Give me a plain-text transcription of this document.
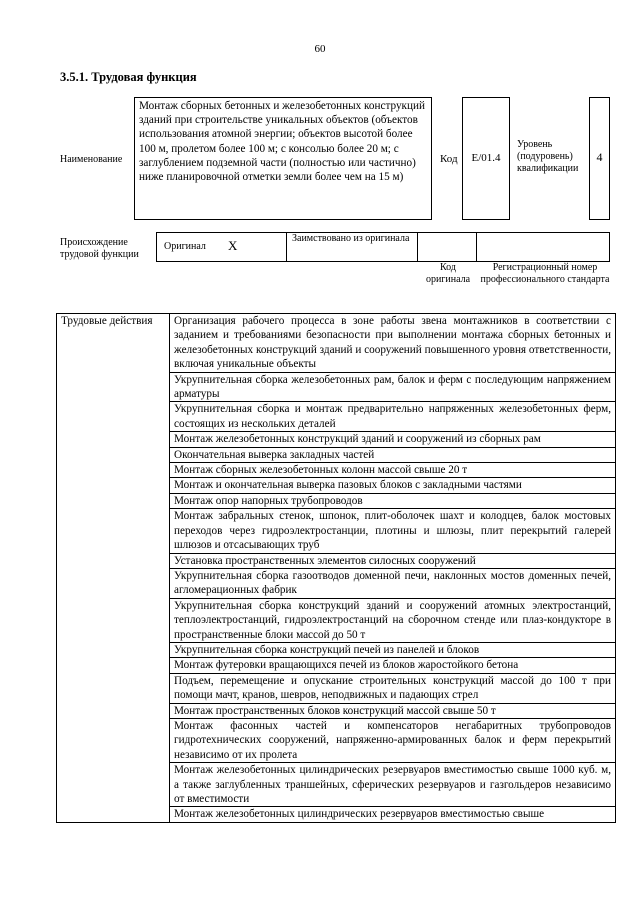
60
3.5.1. Трудовая функция
Наименование
Монтаж сборных бетонных и железобетонных конструкций зданий при строительстве уникальных объектов (объектов использования атомной энергии; объектов высотой более 100 м, пролетом более 100 м; с консолью более 20 м; с заглублением подземной части (полностью или частично) ниже планировочной отметки земли более чем на 15 м)
Код	E/01.4
Уровень (подуровень) квалификации
4
Происхождение трудовой функции
Оригинал X	Заимствовано из оригинала
Код оригинала
Регистрационный номер профессионального стандарта
Трудовые действия	Организация рабочего процесса в зоне работы звена монтажников в соответствии с заданием и требованиями безопасности при выполнении монтажа сборных бетонных и железобетонных конструкций зданий и сооружений повышенного уровня ответственности, включая уникальные объекты
Укрупнительная сборка железобетонных рам, балок и ферм с последующим напряжением арматуры
Укрупнительная сборка и монтаж предварительно напряженных железобетонных ферм, состоящих из нескольких деталей
Монтаж железобетонных конструкций зданий и сооружений из сборных рам
Окончательная выверка закладных частей
Монтаж сборных железобетонных колонн массой свыше 20 т
Монтаж и окончательная выверка пазовых блоков с закладными частями
Монтаж опор напорных трубопроводов
Монтаж забральных стенок, шпонок, плит-оболочек шахт и колодцев, балок мостовых переходов через гидроэлектростанции, плотины и шлюзы, плит перекрытий галерей шлюзов и отсасывающих труб
Установка пространственных элементов силосных сооружений
Укрупнительная сборка газоотводов доменной печи, наклонных мостов доменных печей, агломерационных фабрик
Укрупнительная сборка конструкций зданий и сооружений атомных электростанций, теплоэлектростанций, гидроэлектростанций на сборочном стенде или плаз-кондукторе в пространственные блоки массой до 50 т
Укрупнительная сборка конструкций печей из панелей и блоков
Монтаж футеровки вращающихся печей из блоков жаростойкого бетона
Подъем, перемещение и опускание строительных конструкций массой до 100 т при помощи мачт, кранов, шевров, неподвижных и падающих стрел
Монтаж пространственных блоков конструкций массой свыше 50 т
Монтаж фасонных частей и компенсаторов негабаритных трубопроводов гидротехнических сооружений, напряженно-армированных балок и ферм перекрытий независимо от их пролета
Монтаж железобетонных цилиндрических резервуаров вместимостью свыше 1000 куб. м, а также заглубленных траншейных, сферических резервуаров и газгольдеров независимо от вместимости
Монтаж железобетонных цилиндрических резервуаров вместимостью свыше
